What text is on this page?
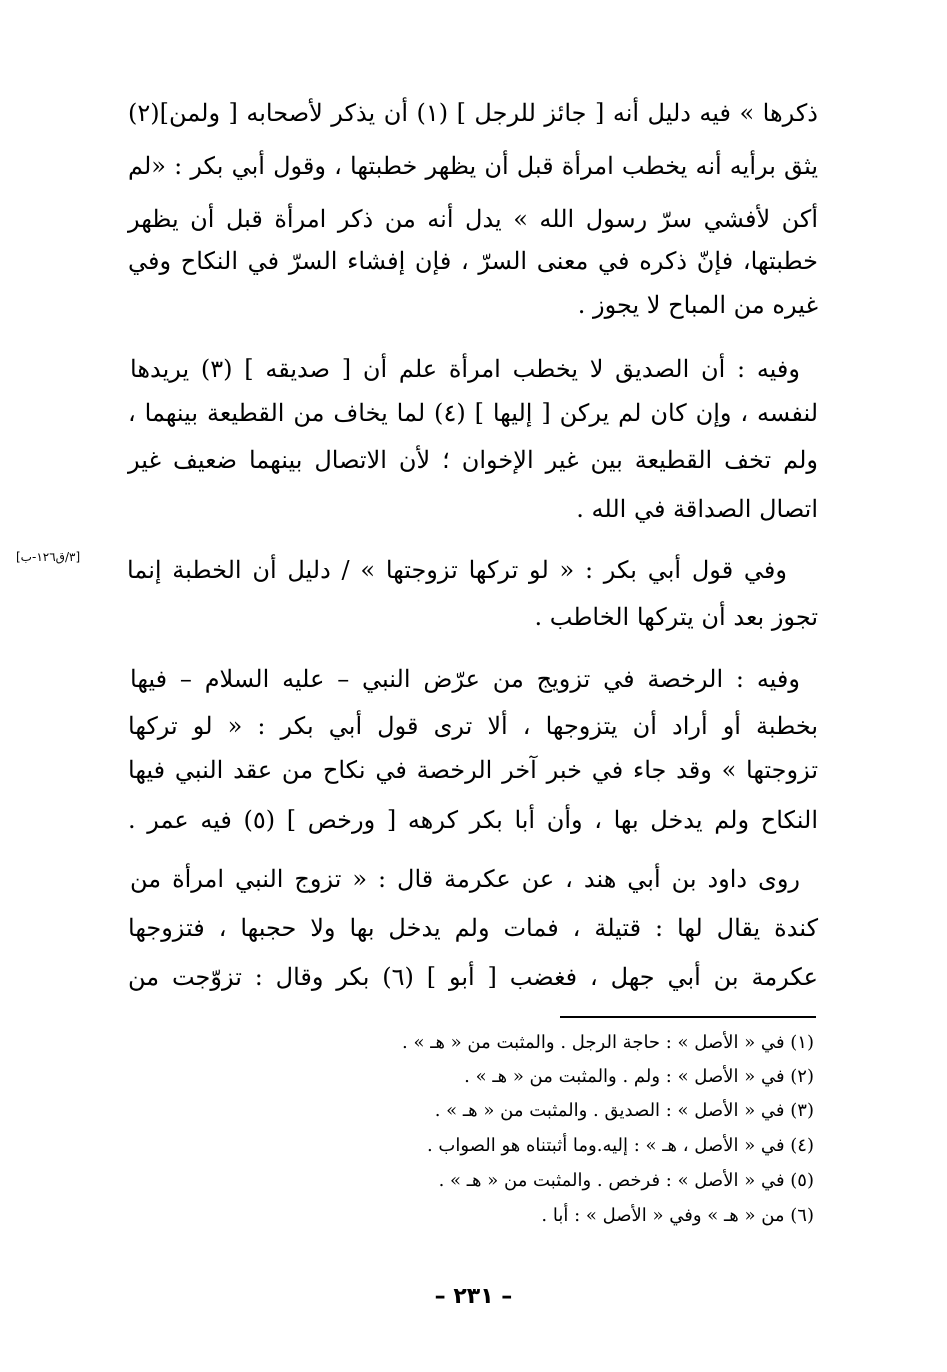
ذكرها » فيه دليل أنه [ جائز للرجل ] (١) أن يذكر لأصحابه [ ولمن](٢)
يثق برأيه أنه يخطب امرأة قبل أن يظهر خطبتها ، وقول أبي بكر : «لم
أكن لأفشي سرّ رسول الله » يدل أنه من ذكر امرأة قبل أن يظهر
خطبتها، فإنّ ذكره في معنى السرّ ، فإن إفشاء السرّ في النكاح وفي
غيره من المباح لا يجوز .
وفيه : أن الصديق لا يخطب امرأة علم أن [ صديقه ] (٣) يريدها
لنفسه ، وإن كان لم يركن [ إليها ] (٤) لما يخاف من القطيعة بينهما ،
ولم تخف القطيعة بين غير الإخوان ؛ لأن الاتصال بينهما ضعيف غير
اتصال الصداقة في الله .
وفي قول أبي بكر : « لو تركها تزوجتها » / دليل أن الخطبة إنما
[٣/ق١٢٦-ب]
تجوز بعد أن يتركها الخاطب .
وفيه : الرخصة في تزويج من عرّض النبي – عليه السلام – فيها
بخطبة أو أراد أن يتزوجها ، ألا ترى قول أبي بكر : « لو تركها
تزوجتها » وقد جاء في خبر آخر الرخصة في نكاح من عقد النبي فيها
النكاح ولم يدخل بها ، وأن أبا بكر كرهه [ ورخص ] (٥) فيه عمر .
روى داود بن أبي هند ، عن عكرمة قال : « تزوج النبي امرأة من
كندة يقال لها : قتيلة ، فمات ولم يدخل بها ولا حجبها ، فتزوجها
عكرمة بن أبي جهل ، فغضب [ أبو ] (٦) بكر وقال : تزوّجت من
(١) في « الأصل » : حاجة الرجل . والمثبت من « هـ » .
(٢) في « الأصل » : ولم . والمثبت من « هـ » .
(٣) في « الأصل » : الصديق . والمثبت من « هـ » .
(٤) في « الأصل ، هـ » : إليه.وما أثبتناه هو الصواب .
(٥) في « الأصل » : فرخص . والمثبت من « هـ » .
(٦) من « هـ » وفي « الأصل » : أبا .
– ٢٣١ –
